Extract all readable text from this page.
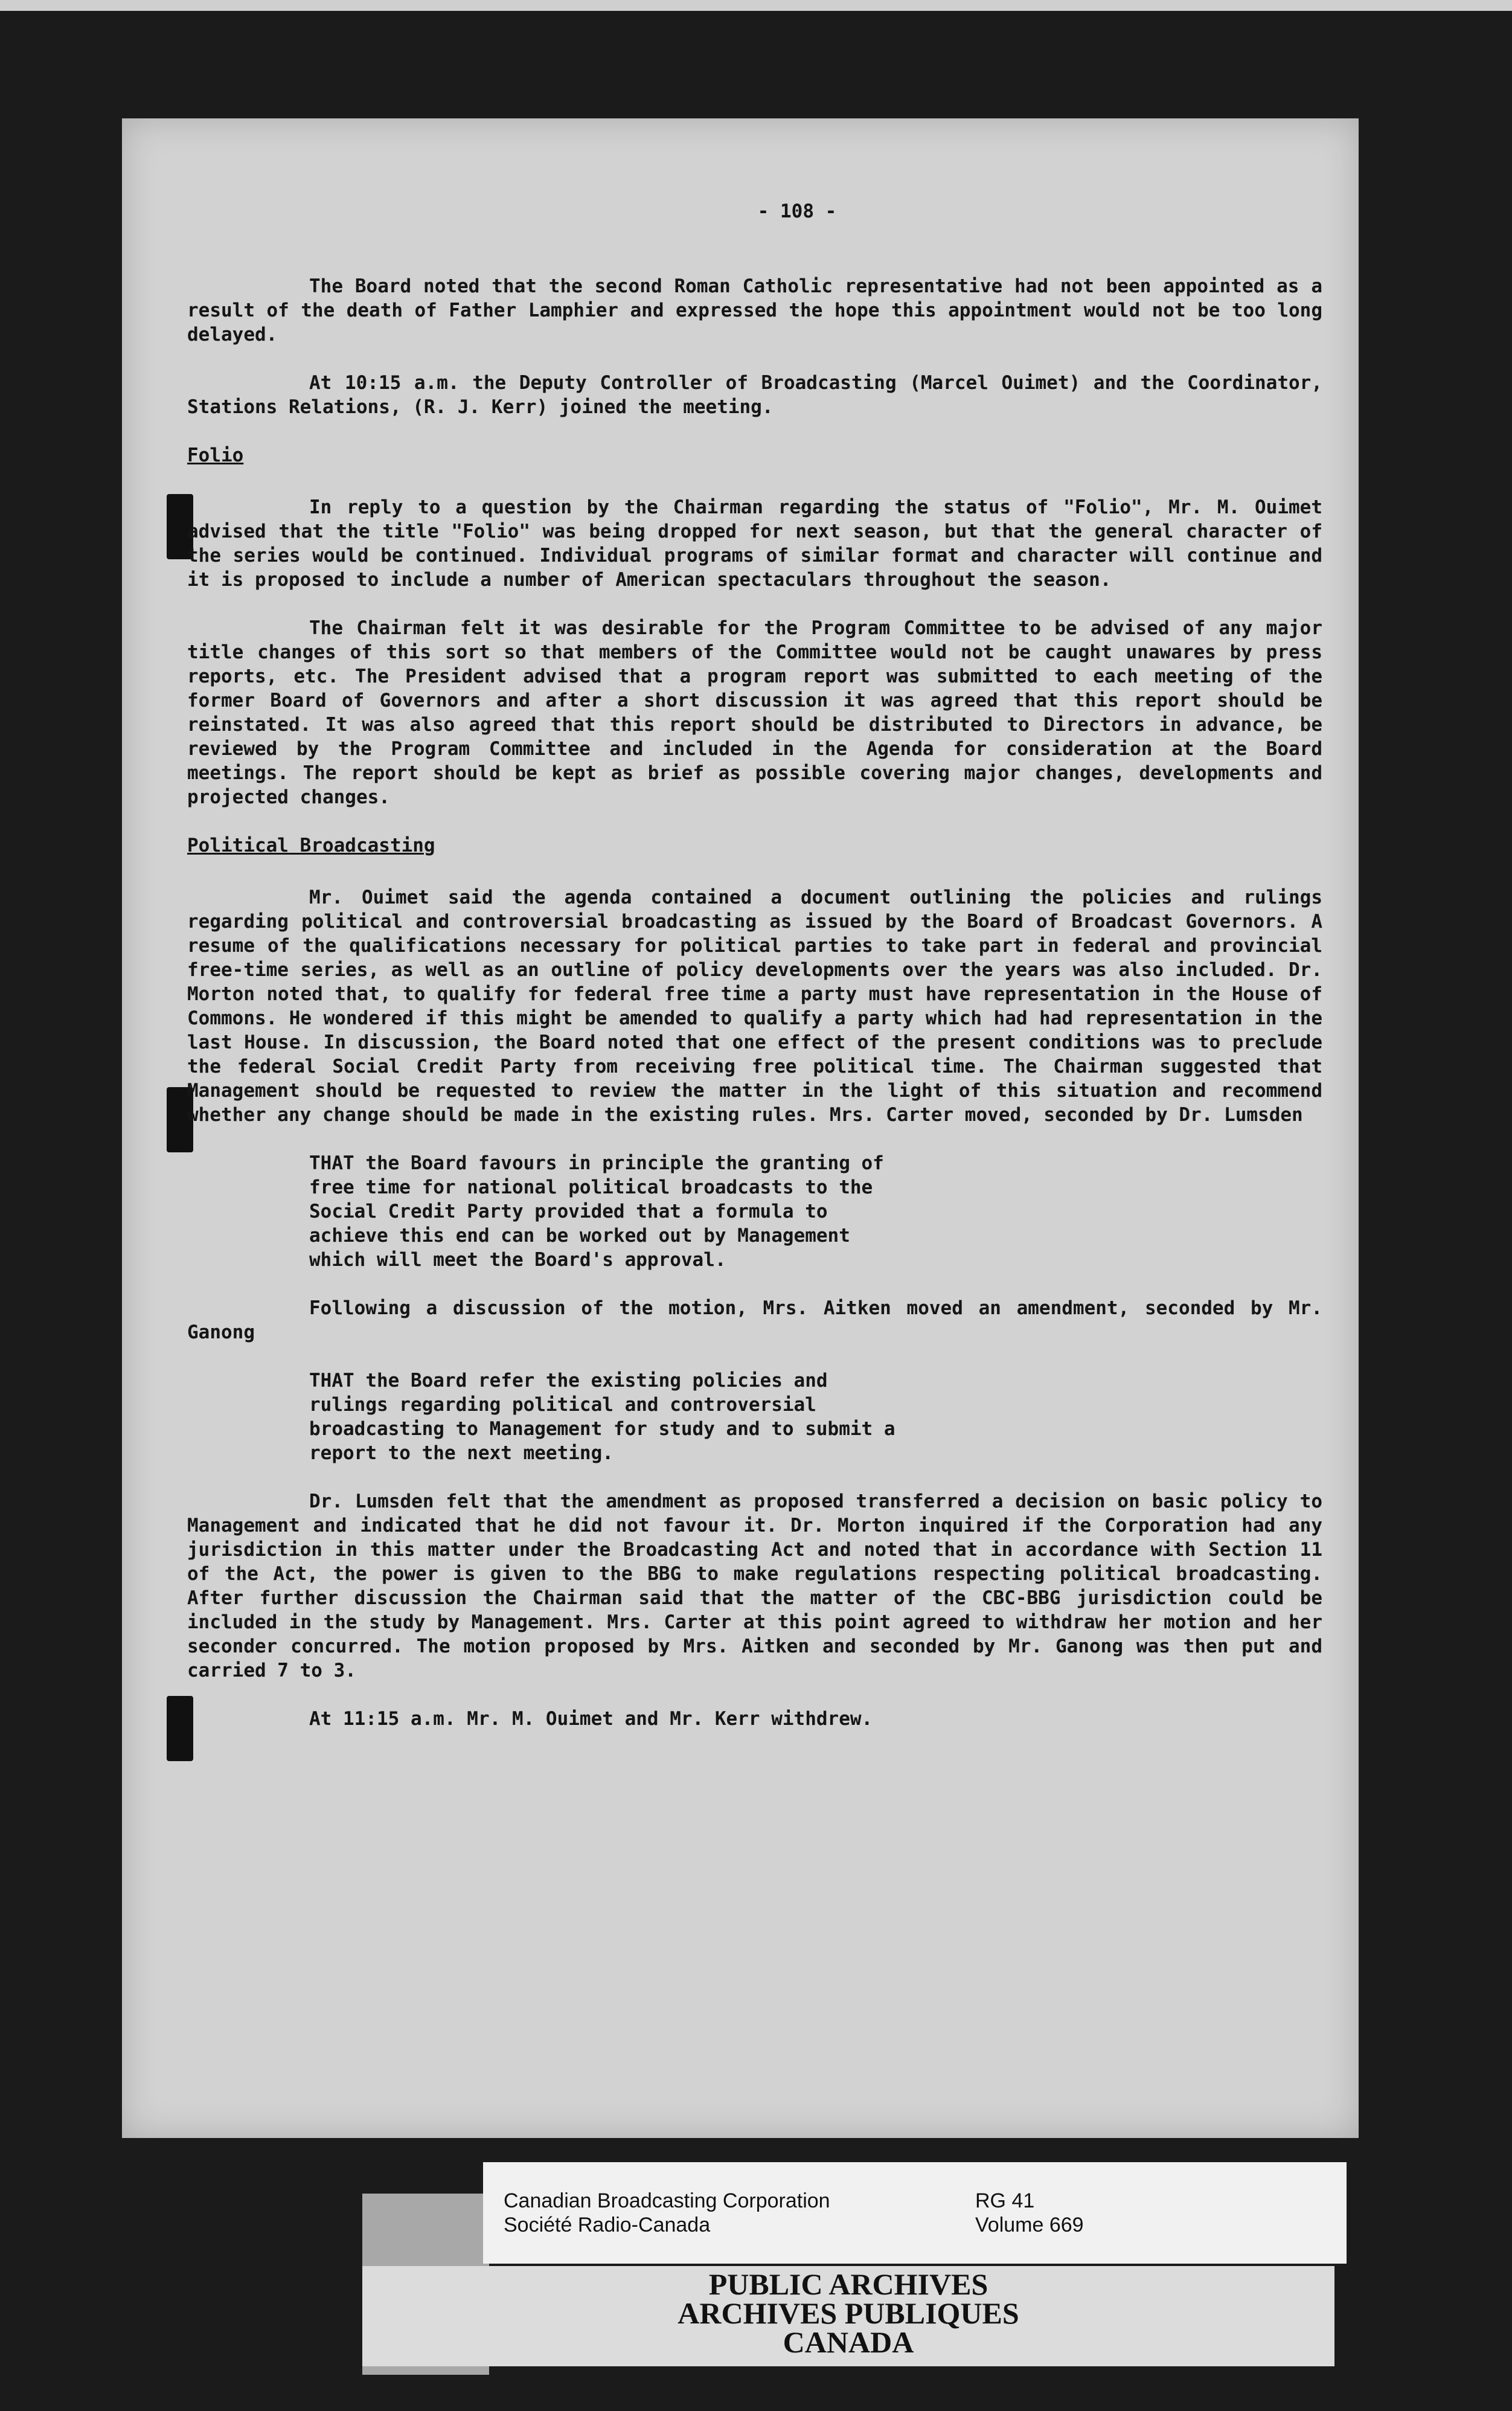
- 108 -

The Board noted that the second Roman Catholic representative had not been appointed as a result of the death of Father Lamphier and expressed the hope this appointment would not be too long delayed.

At 10:15 a.m. the Deputy Controller of Broadcasting (Marcel Ouimet) and the Coordinator, Stations Relations, (R. J. Kerr) joined the meeting.

Folio

In reply to a question by the Chairman regarding the status of "Folio", Mr. M. Ouimet advised that the title "Folio" was being dropped for next season, but that the general character of the series would be continued. Individual programs of similar format and character will continue and it is proposed to include a number of American spectaculars throughout the season.

The Chairman felt it was desirable for the Program Committee to be advised of any major title changes of this sort so that members of the Committee would not be caught unawares by press reports, etc. The President advised that a program report was submitted to each meeting of the former Board of Governors and after a short discussion it was agreed that this report should be reinstated. It was also agreed that this report should be distributed to Directors in advance, be reviewed by the Program Committee and included in the Agenda for consideration at the Board meetings. The report should be kept as brief as possible covering major changes, developments and projected changes.

Political Broadcasting

Mr. Ouimet said the agenda contained a document outlining the policies and rulings regarding political and controversial broadcasting as issued by the Board of Broadcast Governors. A resume of the qualifications necessary for political parties to take part in federal and provincial free-time series, as well as an outline of policy developments over the years was also included. Dr. Morton noted that, to qualify for federal free time a party must have representation in the House of Commons. He wondered if this might be amended to qualify a party which had had representation in the last House. In discussion, the Board noted that one effect of the present conditions was to preclude the federal Social Credit Party from receiving free political time. The Chairman suggested that Management should be requested to review the matter in the light of this situation and recommend whether any change should be made in the existing rules. Mrs. Carter moved, seconded by Dr. Lumsden

THAT the Board favours in principle the granting of free time for national political broadcasts to the Social Credit Party provided that a formula to achieve this end can be worked out by Management which will meet the Board's approval.

Following a discussion of the motion, Mrs. Aitken moved an amendment, seconded by Mr. Ganong

THAT the Board refer the existing policies and rulings regarding political and controversial broadcasting to Management for study and to submit a report to the next meeting.

Dr. Lumsden felt that the amendment as proposed transferred a decision on basic policy to Management and indicated that he did not favour it. Dr. Morton inquired if the Corporation had any jurisdiction in this matter under the Broadcasting Act and noted that in accordance with Section 11 of the Act, the power is given to the BBG to make regulations respecting political broadcasting. After further discussion the Chairman said that the matter of the CBC-BBG jurisdiction could be included in the study by Management. Mrs. Carter at this point agreed to withdraw her motion and her seconder concurred. The motion proposed by Mrs. Aitken and seconded by Mr. Ganong was then put and carried 7 to 3.

At 11:15 a.m. Mr. M. Ouimet and Mr. Kerr withdrew.

Canadian Broadcasting Corporation
Société Radio-Canada
RG 41
Volume 669
PUBLIC ARCHIVES
ARCHIVES PUBLIQUES
CANADA
